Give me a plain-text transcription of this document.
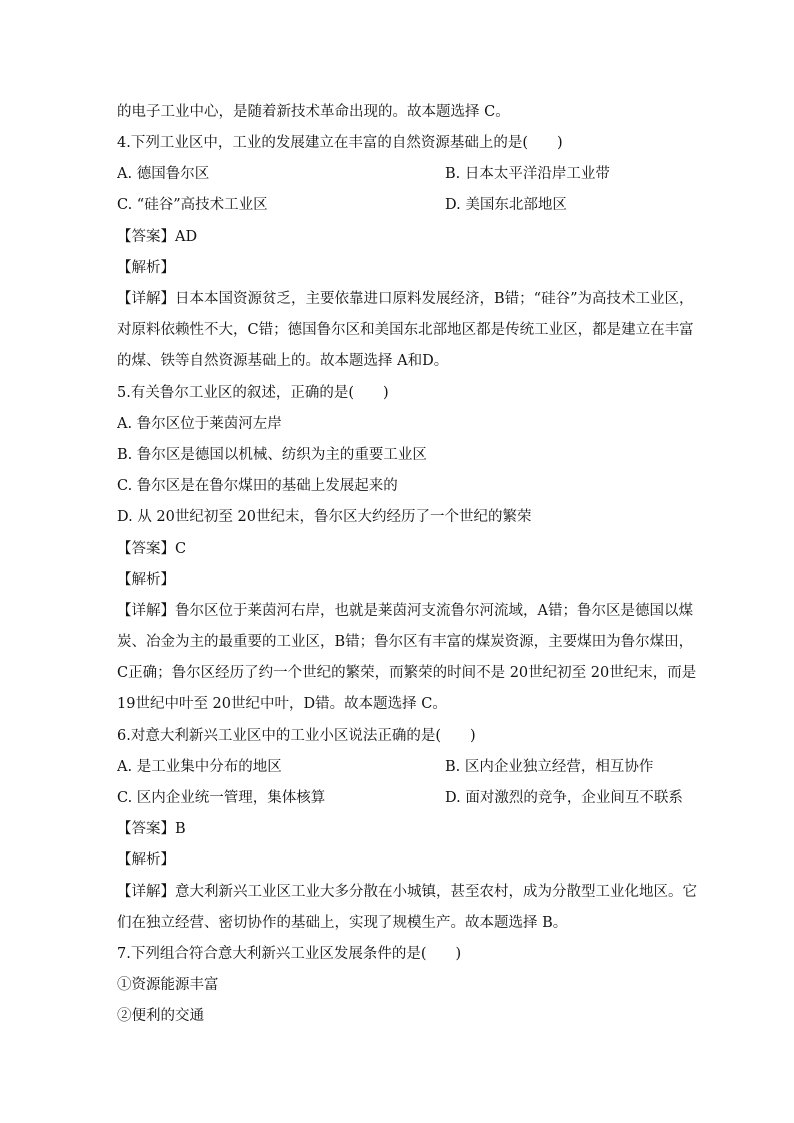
的电子工业中心，是随着新技术革命出现的。故本题选择 C。
4.下列工业区中，工业的发展建立在丰富的自然资源基础上的是(　　)
A. 德国鲁尔区	B. 日本太平洋沿岸工业带
C. “硅谷”高技术工业区	D. 美国东北部地区
【答案】AD
【解析】
【详解】日本本国资源贫乏，主要依靠进口原料发展经济，B错；“硅谷”为高技术工业区，
对原料依赖性不大，C错；德国鲁尔区和美国东北部地区都是传统工业区，都是建立在丰富
的煤、铁等自然资源基础上的。故本题选择 A和D。
5.有关鲁尔工业区的叙述，正确的是(　　)
A. 鲁尔区位于莱茵河左岸
B. 鲁尔区是德国以机械、纺织为主的重要工业区
C. 鲁尔区是在鲁尔煤田的基础上发展起来的
D. 从 20世纪初至 20世纪末，鲁尔区大约经历了一个世纪的繁荣
【答案】C
【解析】
【详解】鲁尔区位于莱茵河右岸，也就是莱茵河支流鲁尔河流域，A错；鲁尔区是德国以煤
炭、冶金为主的最重要的工业区，B错；鲁尔区有丰富的煤炭资源，主要煤田为鲁尔煤田，
C正确；鲁尔区经历了约一个世纪的繁荣，而繁荣的时间不是 20世纪初至 20世纪末，而是
19世纪中叶至 20世纪中叶，D错。故本题选择 C。
6.对意大利新兴工业区中的工业小区说法正确的是(　　)
A. 是工业集中分布的地区	B. 区内企业独立经营，相互协作
C. 区内企业统一管理，集体核算	D. 面对激烈的竞争，企业间互不联系
【答案】B
【解析】
【详解】意大利新兴工业区工业大多分散在小城镇，甚至农村，成为分散型工业化地区。它
们在独立经营、密切协作的基础上，实现了规模生产。故本题选择 B。
7.下列组合符合意大利新兴工业区发展条件的是(　　)
①资源能源丰富
②便利的交通
